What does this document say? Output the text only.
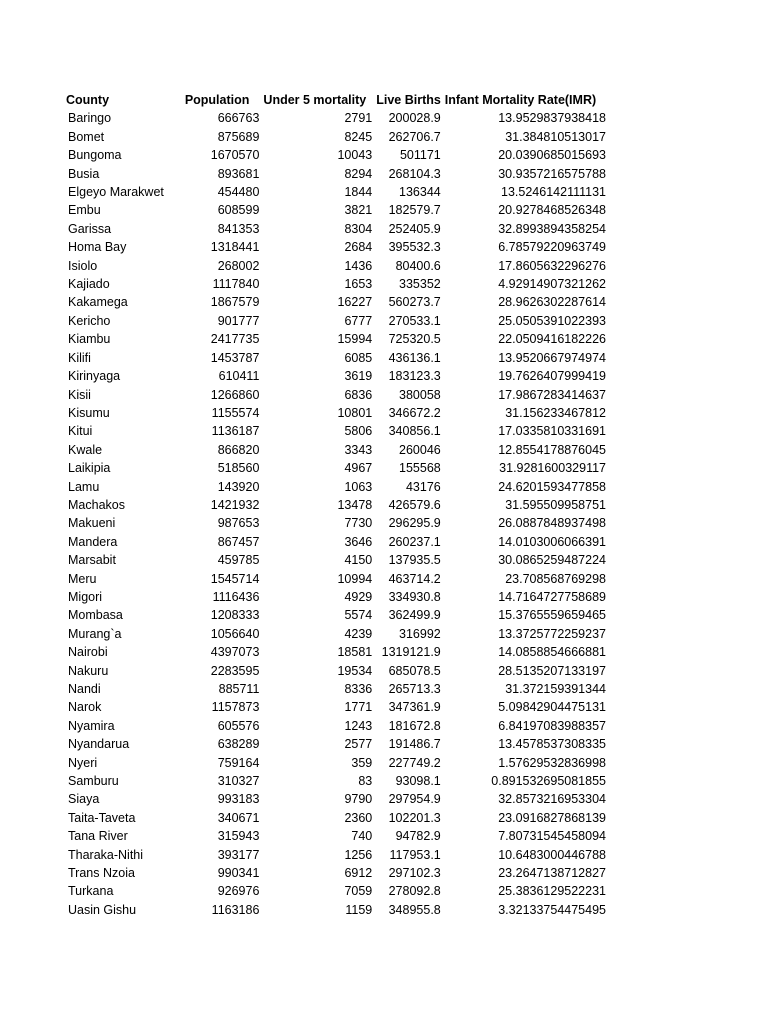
County	Population	Under 5 mortality	Live Births	Infant Mortality Rate(IMR)
Baringo	666763	2791	200028.9	13.9529837938418
Bomet	875689	8245	262706.7	31.384810513017
Bungoma	1670570	10043	501171	20.0390685015693
Busia	893681	8294	268104.3	30.9357216575788
Elgeyo Marakwet	454480	1844	136344	13.5246142111131
Embu	608599	3821	182579.7	20.9278468526348
Garissa	841353	8304	252405.9	32.8993894358254
Homa Bay	1318441	2684	395532.3	6.78579220963749
Isiolo	268002	1436	80400.6	17.8605632296276
Kajiado	1117840	1653	335352	4.92914907321262
Kakamega	1867579	16227	560273.7	28.9626302287614
Kericho	901777	6777	270533.1	25.0505391022393
Kiambu	2417735	15994	725320.5	22.0509416182226
Kilifi	1453787	6085	436136.1	13.9520667974974
Kirinyaga	610411	3619	183123.3	19.7626407999419
Kisii	1266860	6836	380058	17.9867283414637
Kisumu	1155574	10801	346672.2	31.156233467812
Kitui	1136187	5806	340856.1	17.0335810331691
Kwale	866820	3343	260046	12.8554178876045
Laikipia	518560	4967	155568	31.9281600329117
Lamu	143920	1063	43176	24.6201593477858
Machakos	1421932	13478	426579.6	31.595509958751
Makueni	987653	7730	296295.9	26.0887848937498
Mandera	867457	3646	260237.1	14.0103006066391
Marsabit	459785	4150	137935.5	30.0865259487224
Meru	1545714	10994	463714.2	23.708568769298
Migori	1116436	4929	334930.8	14.7164727758689
Mombasa	1208333	5574	362499.9	15.3765559659465
Murang`a	1056640	4239	316992	13.3725772259237
Nairobi	4397073	18581	1319121.9	14.0858854666881
Nakuru	2283595	19534	685078.5	28.5135207133197
Nandi	885711	8336	265713.3	31.372159391344
Narok	1157873	1771	347361.9	5.09842904475131
Nyamira	605576	1243	181672.8	6.84197083988357
Nyandarua	638289	2577	191486.7	13.4578537308335
Nyeri	759164	359	227749.2	1.57629532836998
Samburu	310327	83	93098.1	0.891532695081855
Siaya	993183	9790	297954.9	32.8573216953304
Taita-Taveta	340671	2360	102201.3	23.0916827868139
Tana River	315943	740	94782.9	7.80731545458094
Tharaka-Nithi	393177	1256	117953.1	10.6483000446788
Trans Nzoia	990341	6912	297102.3	23.2647138712827
Turkana	926976	7059	278092.8	25.3836129522231
Uasin Gishu	1163186	1159	348955.8	3.32133754475495
